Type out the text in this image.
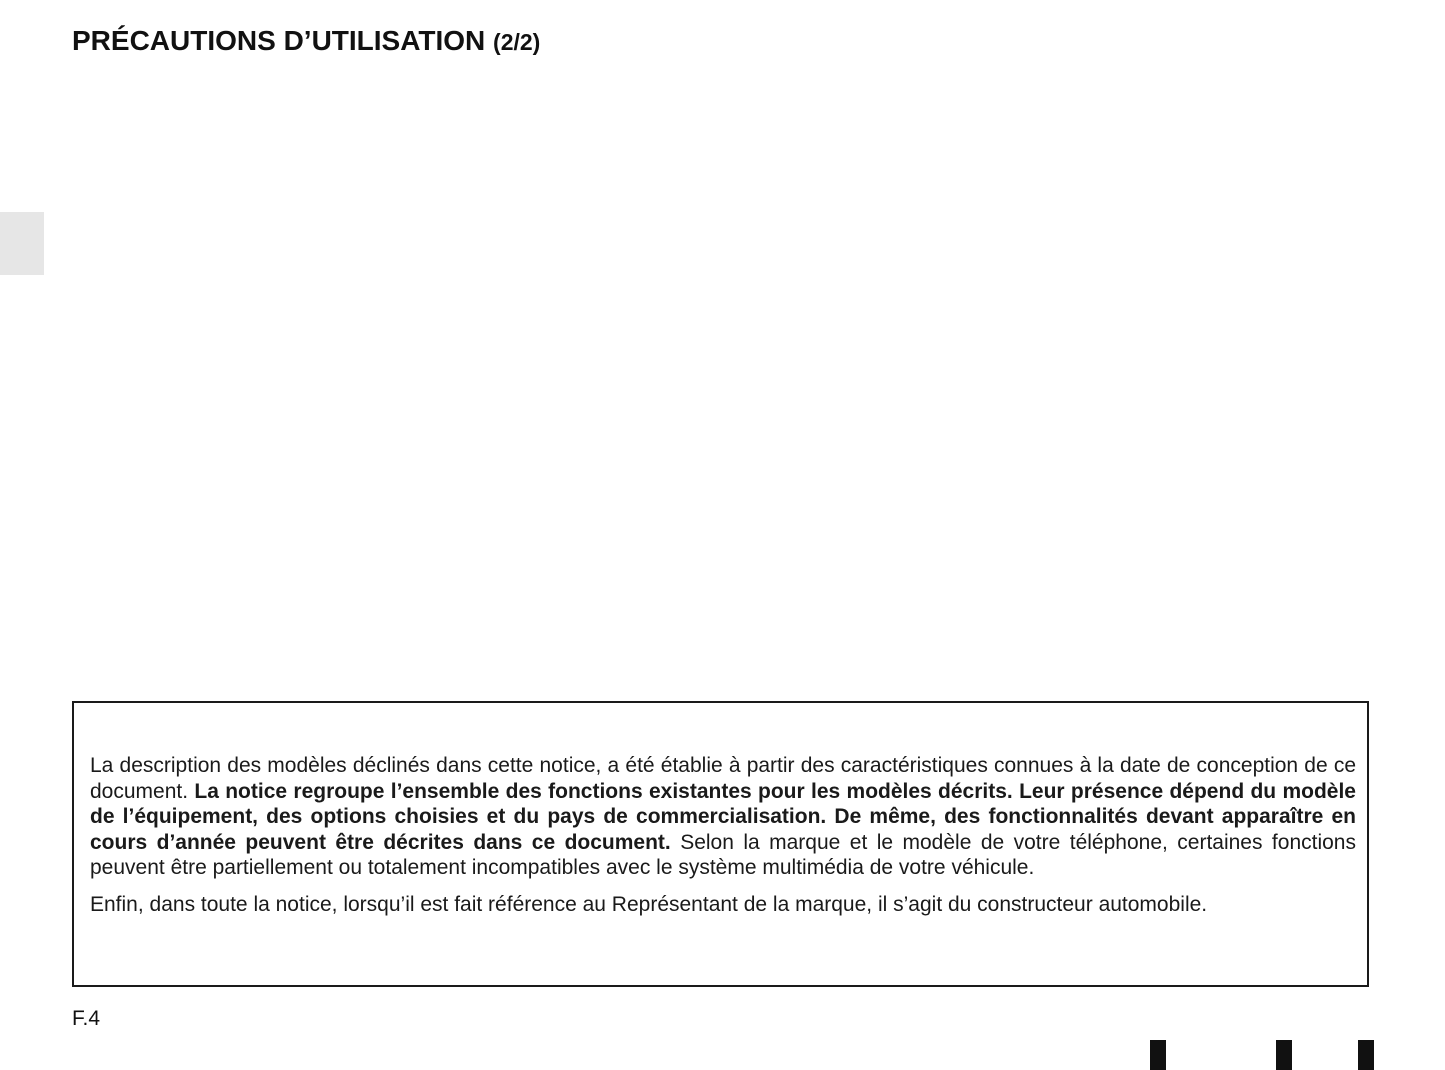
PRÉCAUTIONS D’UTILISATION (2/2)

La description des modèles déclinés dans cette notice, a été établie à partir des caractéristiques connues à la date de conception de ce document. La notice regroupe l’ensemble des fonctions existantes pour les modèles décrits. Leur présence dépend du modèle de l’équipement, des options choisies et du pays de commercialisation. De même, des fonctionnalités devant apparaître en cours d’année peuvent être décrites dans ce document. Selon la marque et le modèle de votre téléphone, certaines fonctions peuvent être partiellement ou totalement incompatibles avec le système multimédia de votre véhicule.

Enfin, dans toute la notice, lorsqu’il est fait référence au Représentant de la marque, il s’agit du constructeur automobile.

F.4
